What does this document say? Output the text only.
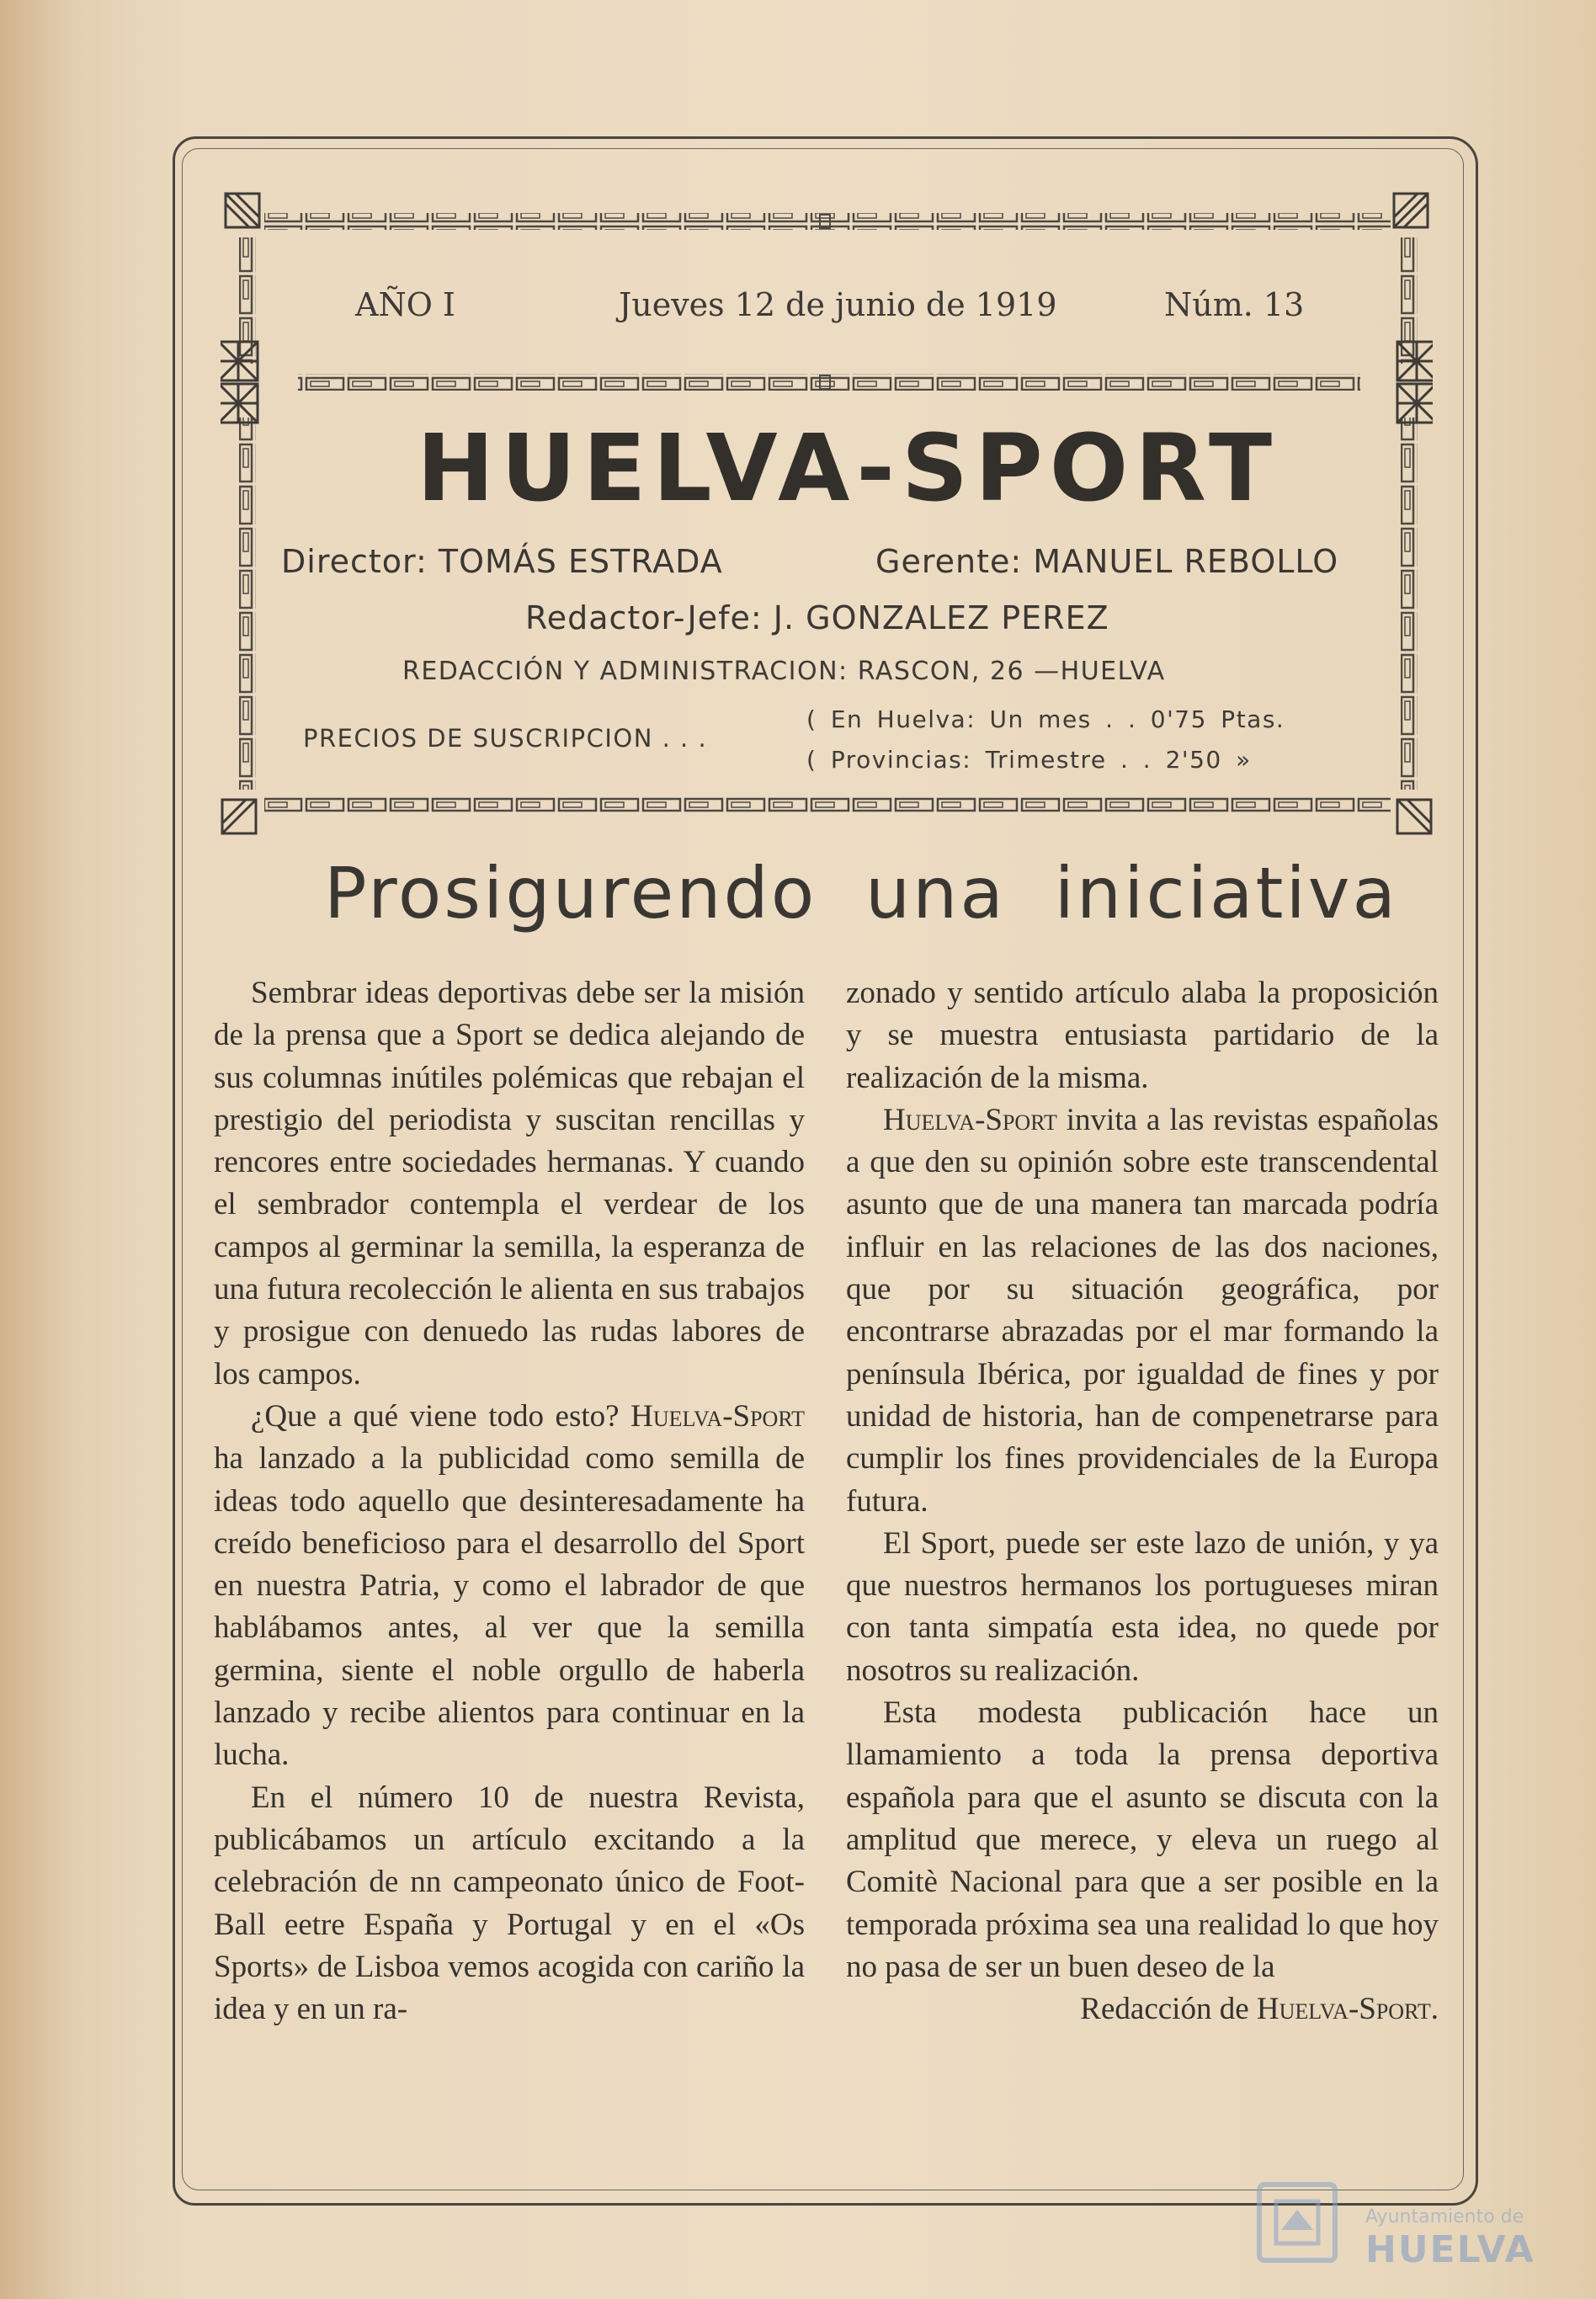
AÑO I	Jueves 12 de junio de 1919	Núm. 13
HUELVA-SPORT
Director: TOMÁS ESTRADA	Gerente: MANUEL REBOLLO
Redactor-Jefe: J. GONZALEZ PEREZ
REDACCIÓN Y ADMINISTRACION: RASCON, 26 —HUELVA
PRECIOS DE SUSCRIPCION . . .
( En Huelva: Un mes . . 0'75 Ptas.
( Provincias: Trimestre . . 2'50 »
Prosigurendo una iniciativa

Sembrar ideas deportivas debe ser la misión de la prensa que a Sport se dedica alejando de sus columnas inútiles polémicas que rebajan el prestigio del periodista y suscitan rencillas y rencores entre sociedades hermanas. Y cuando el sembrador contempla el verdear de los campos al germinar la semilla, la esperanza de una futura recolección le alienta en sus trabajos y prosigue con denuedo las rudas labores de los campos.

¿Que a qué viene todo esto? Huelva-Sport ha lanzado a la publicidad como semilla de ideas todo aquello que desinteresadamente ha creído beneficioso para el desarrollo del Sport en nuestra Patria, y como el labrador de que hablábamos antes, al ver que la semilla germina, siente el noble orgullo de haberla lanzado y recibe alientos para continuar en la lucha.

En el número 10 de nuestra Revista, publicábamos un artículo excitando a la celebración de nn campeonato único de Foot-Ball eetre España y Portugal y en el «Os Sports» de Lisboa vemos acogida con cariño la idea y en un ra-

zonado y sentido artículo alaba la proposición y se muestra entusiasta partidario de la realización de la misma.

Huelva-Sport invita a las revistas españolas a que den su opinión sobre este transcendental asunto que de una manera tan marcada podría influir en las relaciones de las dos naciones, que por su situación geográfica, por encontrarse abrazadas por el mar formando la península Ibérica, por igualdad de fines y por unidad de historia, han de compenetrarse para cumplir los fines providenciales de la Europa futura.

El Sport, puede ser este lazo de unión, y ya que nuestros hermanos los portugueses miran con tanta simpatía esta idea, no quede por nosotros su realización.

Esta modesta publicación hace un llamamiento a toda la prensa deportiva española para que el asunto se discuta con la amplitud que merece, y eleva un ruego al Comitè Nacional para que a ser posible en la temporada próxima sea una realidad lo que hoy no pasa de ser un buen deseo de la

Redacción de Huelva-Sport.

Ayuntamiento de
HUELVA
